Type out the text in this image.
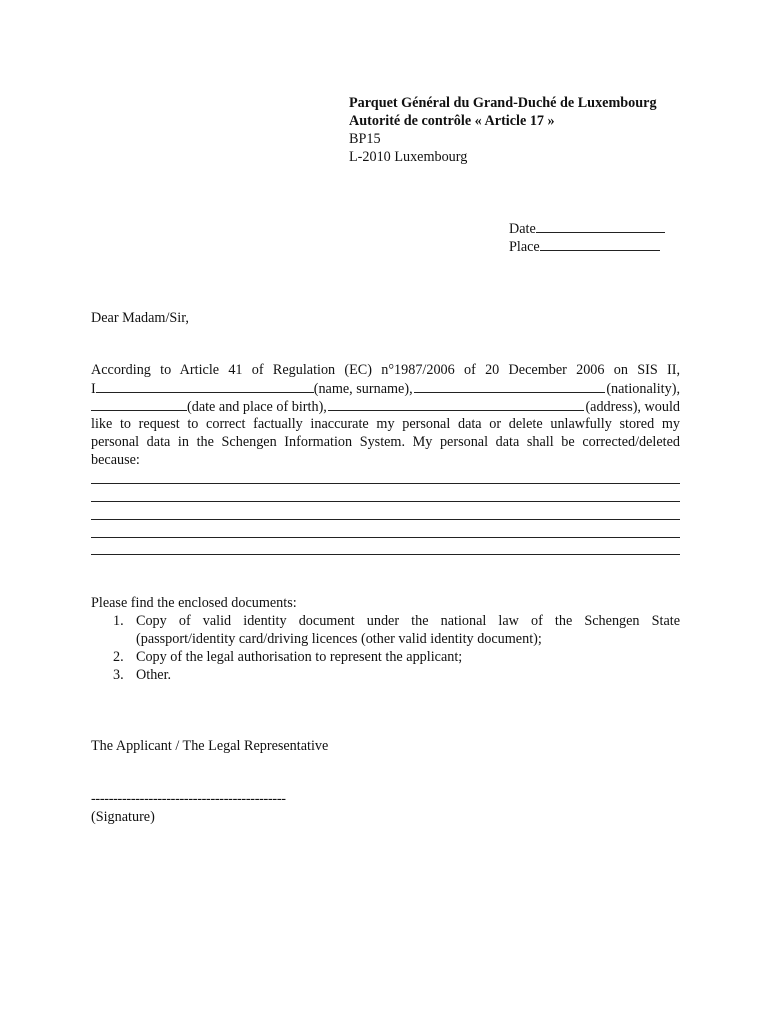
Parquet Général du Grand-Duché de Luxembourg
Autorité de contrôle « Article 17 »
BP15
L-2010 Luxembourg
Date
Place
Dear Madam/Sir,
According to Article 41 of Regulation (EC) n°1987/2006 of 20 December 2006 on SIS II,
I	(name, surname),	(nationality),
(date and place of birth),	(address), would
like to request to correct factually inaccurate my personal data or delete unlawfully stored my
personal data in the Schengen Information System. My personal data shall be corrected/deleted
because:
Please find the enclosed documents:
1. Copy of valid identity document under the national law of the Schengen State
(passport/identity card/driving licences (other valid identity document);
2. Copy of the legal authorisation to represent the applicant;
3. Other.
The Applicant / The Legal Representative
--------------------------------------------
(Signature)
